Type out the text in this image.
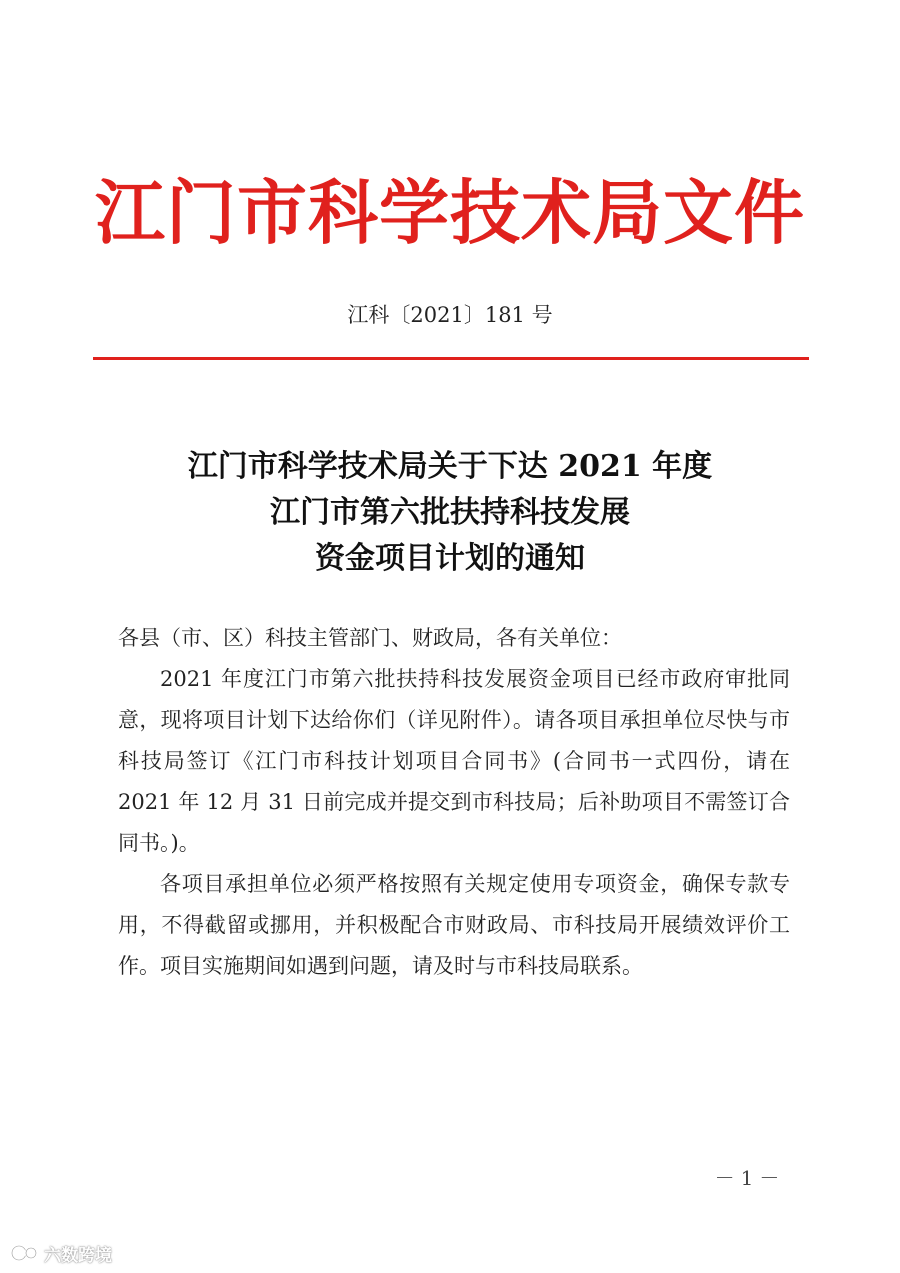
江门市科学技术局文件
江科〔2021〕181 号
江门市科学技术局关于下达 2021 年度
江门市第六批扶持科技发展
资金项目计划的通知

各县（市、区）科技主管部门、财政局，各有关单位：

2021 年度江门市第六批扶持科技发展资金项目已经市政府审批同意，现将项目计划下达给你们（详见附件）。请各项目承担单位尽快与市科技局签订《江门市科技计划项目合同书》(合同书一式四份，请在 2021 年 12 月 31 日前完成并提交到市科技局；后补助项目不需签订合同书。)。

各项目承担单位必须严格按照有关规定使用专项资金，确保专款专用，不得截留或挪用，并积极配合市财政局、市科技局开展绩效评价工作。项目实施期间如遇到问题，请及时与市科技局联系。

－1－
六数跨境
